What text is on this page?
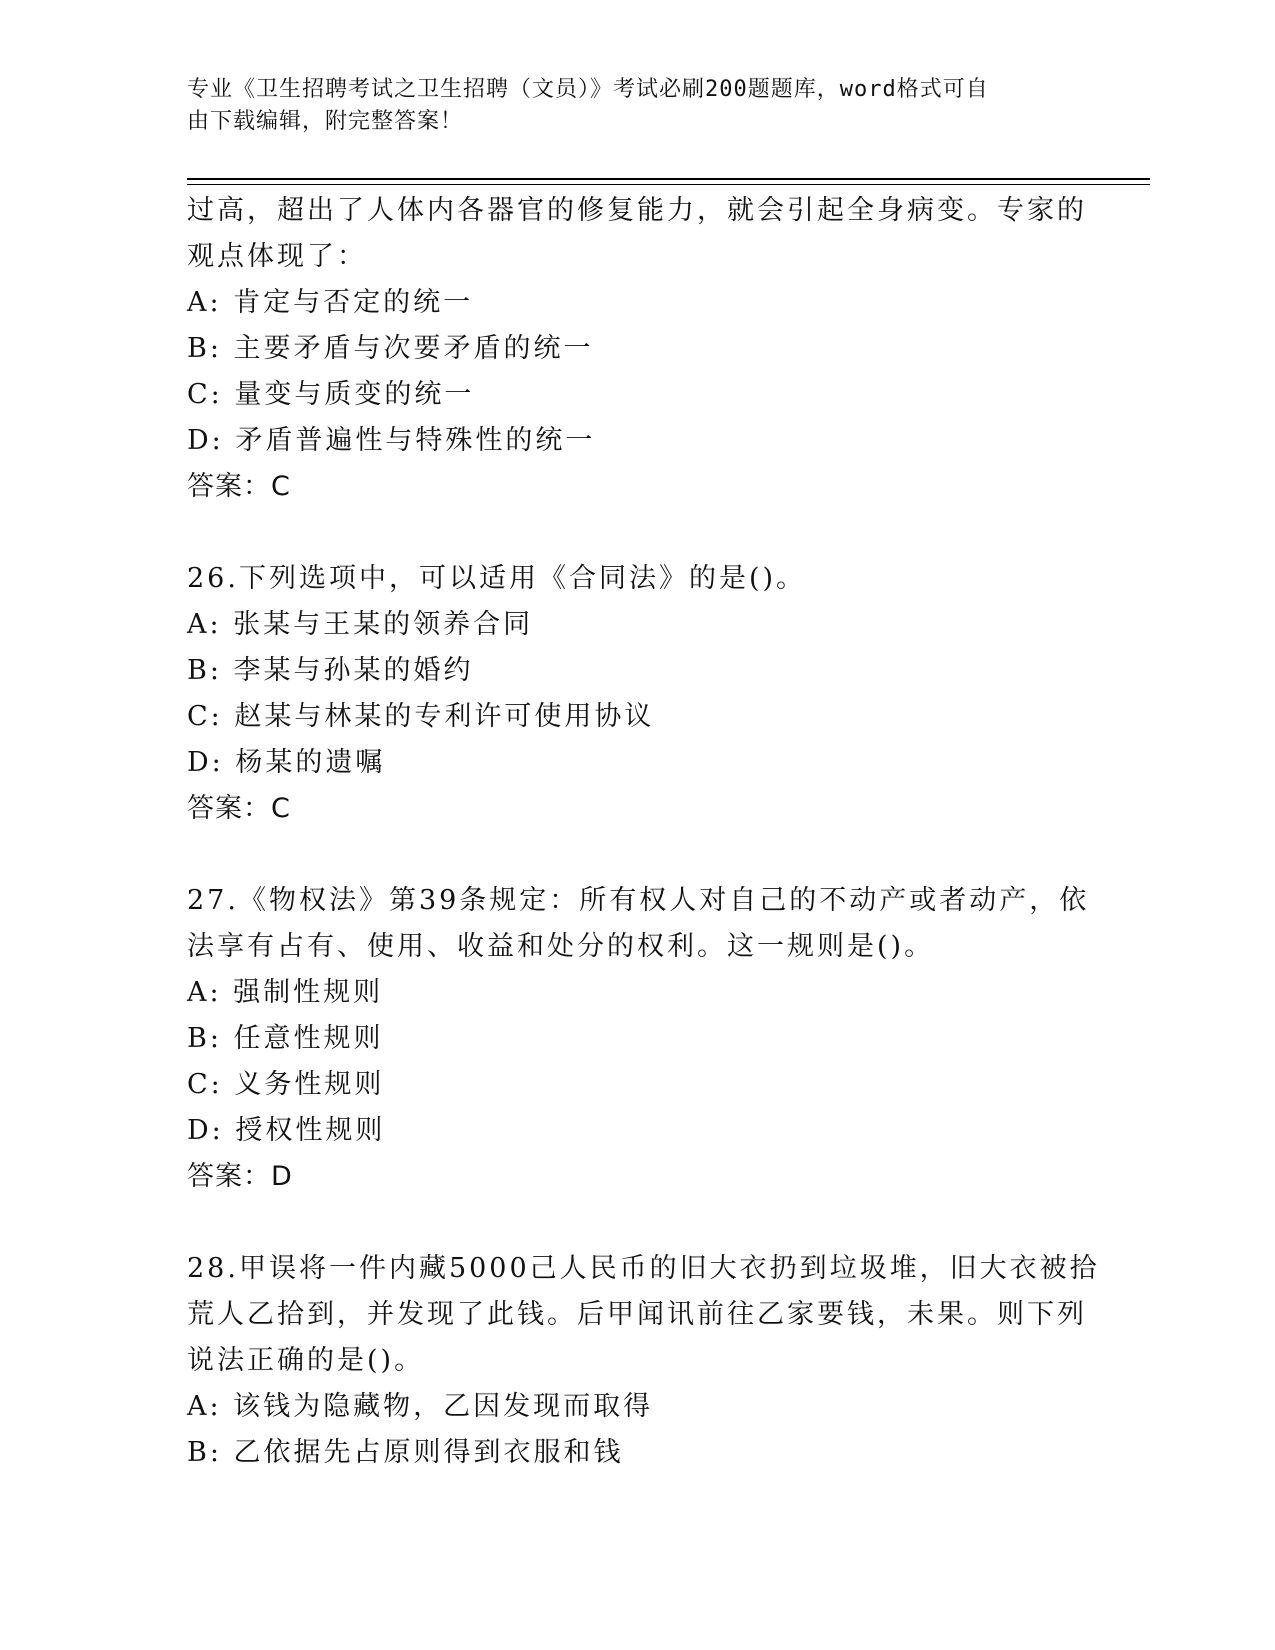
专业《卫生招聘考试之卫生招聘（文员）》考试必刷200题题库，word格式可自
由下载编辑，附完整答案！
过高，超出了人体内各器官的修复能力，就会引起全身病变。专家的
观点体现了：
A: 肯定与否定的统一
B: 主要矛盾与次要矛盾的统一
C: 量变与质变的统一
D: 矛盾普遍性与特殊性的统一
答案：C
26.下列选项中，可以适用《合同法》的是()。
A: 张某与王某的领养合同
B: 李某与孙某的婚约
C: 赵某与林某的专利许可使用协议
D: 杨某的遗嘱
答案：C
27.《物权法》第39条规定：所有权人对自己的不动产或者动产，依
法享有占有、使用、收益和处分的权利。这一规则是()。
A: 强制性规则
B: 任意性规则
C: 义务性规则
D: 授权性规则
答案：D
28.甲误将一件内藏5000己人民币的旧大衣扔到垃圾堆，旧大衣被拾
荒人乙拾到，并发现了此钱。后甲闻讯前往乙家要钱，未果。则下列
说法正确的是()。
A: 该钱为隐藏物，乙因发现而取得
B: 乙依据先占原则得到衣服和钱
